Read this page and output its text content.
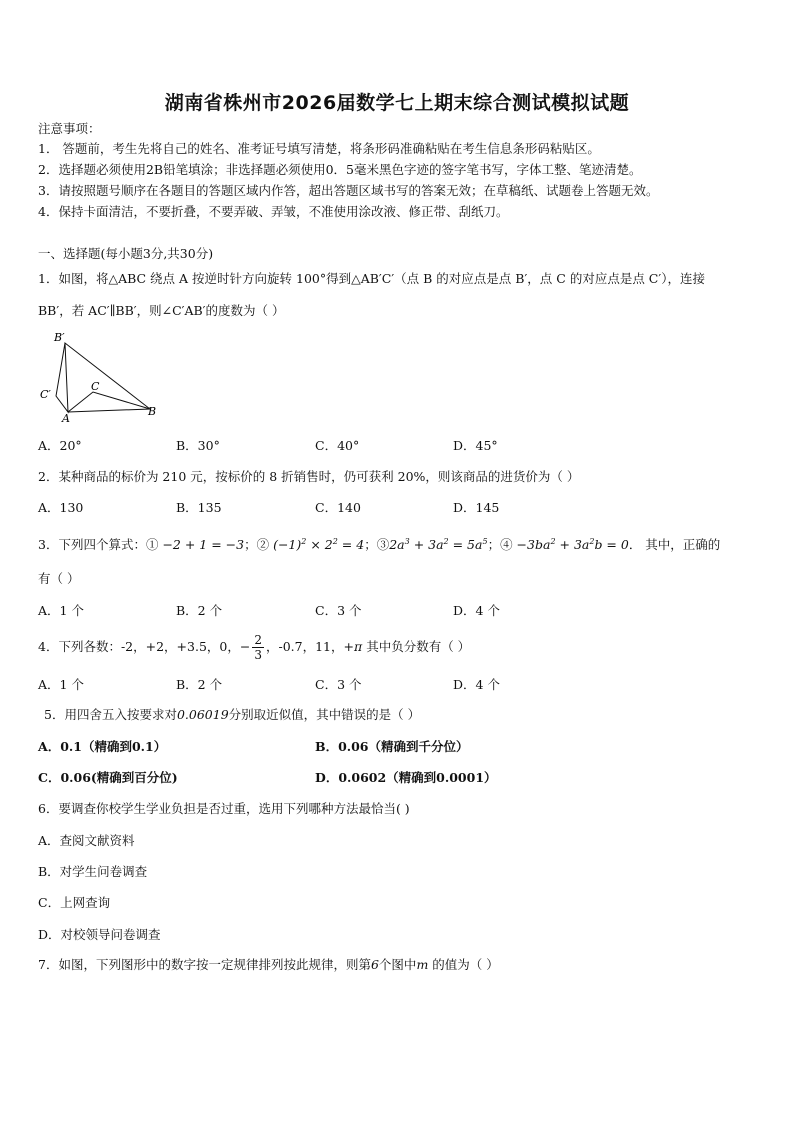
湖南省株州市2026届数学七上期末综合测试模拟试题
注意事项：
1． 答题前，考生先将自己的姓名、准考证号填写清楚，将条形码准确粘贴在考生信息条形码粘贴区。
2．选择题必须使用2B铅笔填涂；非选择题必须使用0．5毫米黑色字迹的签字笔书写，字体工整、笔迹清楚。
3．请按照题号顺序在各题目的答题区域内作答，超出答题区域书写的答案无效；在草稿纸、试题卷上答题无效。
4．保持卡面清洁，不要折叠，不要弄破、弄皱，不准使用涂改液、修正带、刮纸刀。
一、选择题(每小题3分,共30分)
1．如图，将△ABC 绕点 A 按逆时针方向旋转 100°得到△AB′C′（点 B 的对应点是点 B′，点 C 的对应点是点 C′），连接
BB′，若 AC′∥BB′，则∠C′AB′的度数为（ ）
B′
C′
A
C
B
A．20°	B．30°	C．40°	D．45°
2．某种商品的标价为 210 元，按标价的 8 折销售时，仍可获利 20%，则该商品的进货价为（ ）
A．130	B．135	C．140	D．145
3．下列四个算式：① −2 + 1 = −3；② $(-1)^2 \times 2^2 = 4$；$③2a^3 + 3a^2 = 5a^5$；④ $-3ba^2 + 3a^2b = 0$． 其中，正确的
有（ ）
A．1 个	B．2 个	C．3 个	D．4 个
4．下列各数：-2，+2，+3.5，0，− $\frac{2}{3}$ ，-0.7，11，+π 其中负分数有（ ）
A．1 个	B．2 个	C．3 个	D．4 个
5．用四舍五入按要求对0.06019分别取近似值，其中错误的是（ ）
A．0.1（精确到0.1）	B．0.06（精确到千分位）
C．0.06(精确到百分位)	D．0.0602（精确到0.0001）
6．要调查你校学生学业负担是否过重，选用下列哪种方法最恰当( )
A．查阅文献资料
B．对学生问卷调查
C．上网查询
D．对校领导问卷调查
7．如图，下列图形中的数字按一定规律排列按此规律，则第6个图中m 的值为（ ）
